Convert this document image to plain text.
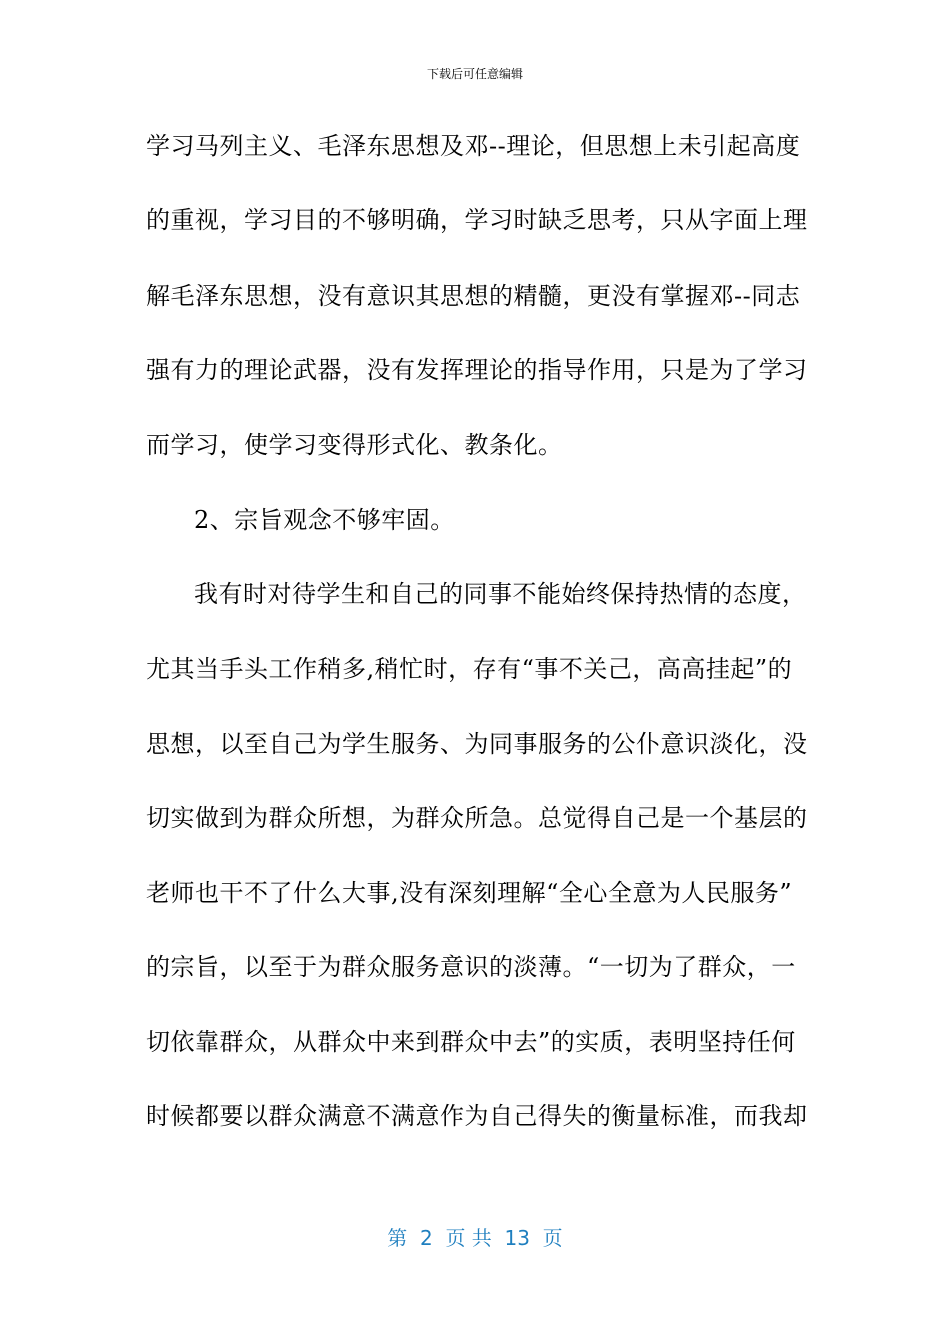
下载后可任意编辑
学习马列主义、毛泽东思想及邓--理论，但思想上未引起高度
的重视，学习目的不够明确，学习时缺乏思考，只从字面上理
解毛泽东思想，没有意识其思想的精髓，更没有掌握邓--同志
强有力的理论武器，没有发挥理论的指导作用，只是为了学习
而学习，使学习变得形式化、教条化。
2、宗旨观念不够牢固。
我有时对待学生和自己的同事不能始终保持热情的态度，
尤其当手头工作稍多,稍忙时，存有“事不关己，高高挂起”的
思想，以至自己为学生服务、为同事服务的公仆意识淡化，没
切实做到为群众所想，为群众所急。总觉得自己是一个基层的
老师也干不了什么大事,没有深刻理解“全心全意为人民服务”
的宗旨，以至于为群众服务意识的淡薄。“一切为了群众，一
切依靠群众，从群众中来到群众中去”的实质，表明坚持任何
时候都要以群众满意不满意作为自己得失的衡量标准，而我却
第  2  页 共  13  页
